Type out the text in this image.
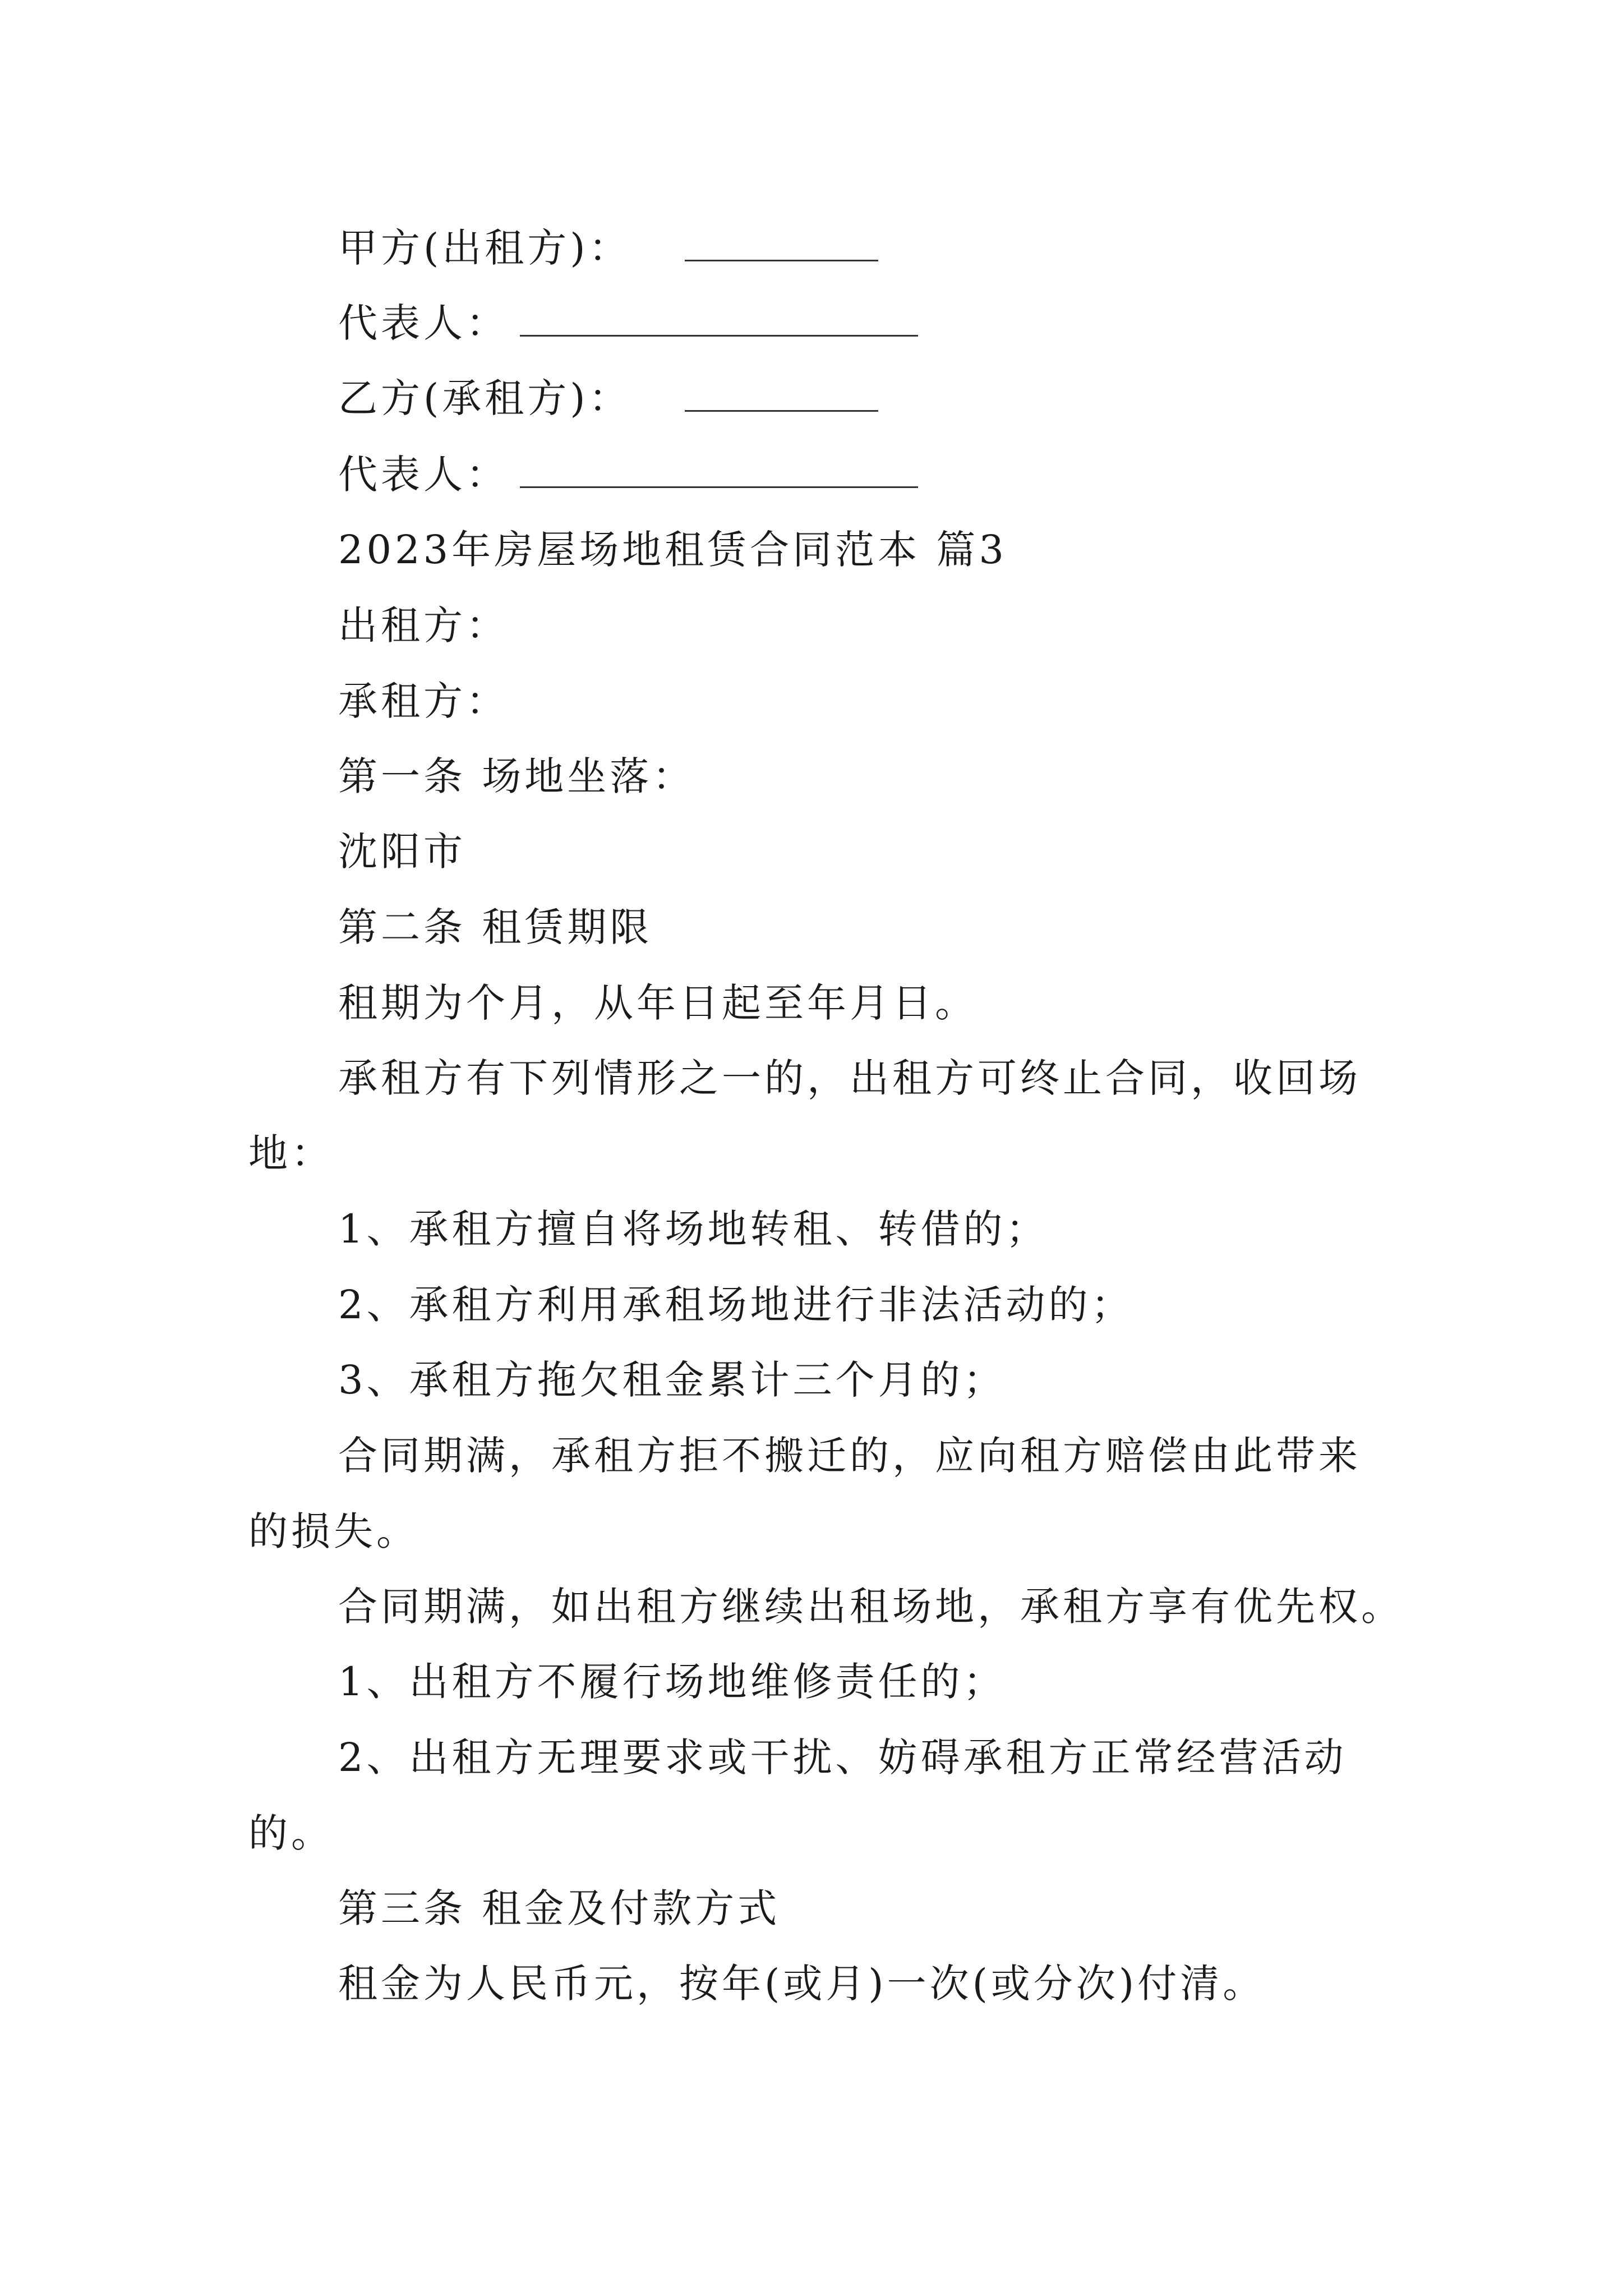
甲方(出租方)：
代表人：
乙方(承租方)：
代表人：
2023年房屋场地租赁合同范本 篇3
出租方：
承租方：
第一条 场地坐落：
沈阳市
第二条 租赁期限
租期为个月，从年日起至年月日。
承租方有下列情形之一的，出租方可终止合同，收回场
地：
1、承租方擅自将场地转租、转借的；
2、承租方利用承租场地进行非法活动的；
3、承租方拖欠租金累计三个月的；
合同期满，承租方拒不搬迁的，应向租方赔偿由此带来
的损失。
合同期满，如出租方继续出租场地，承租方享有优先权。
1、出租方不履行场地维修责任的；
2、出租方无理要求或干扰、妨碍承租方正常经营活动
的。
第三条 租金及付款方式
租金为人民币元，按年(或月)一次(或分次)付清。
